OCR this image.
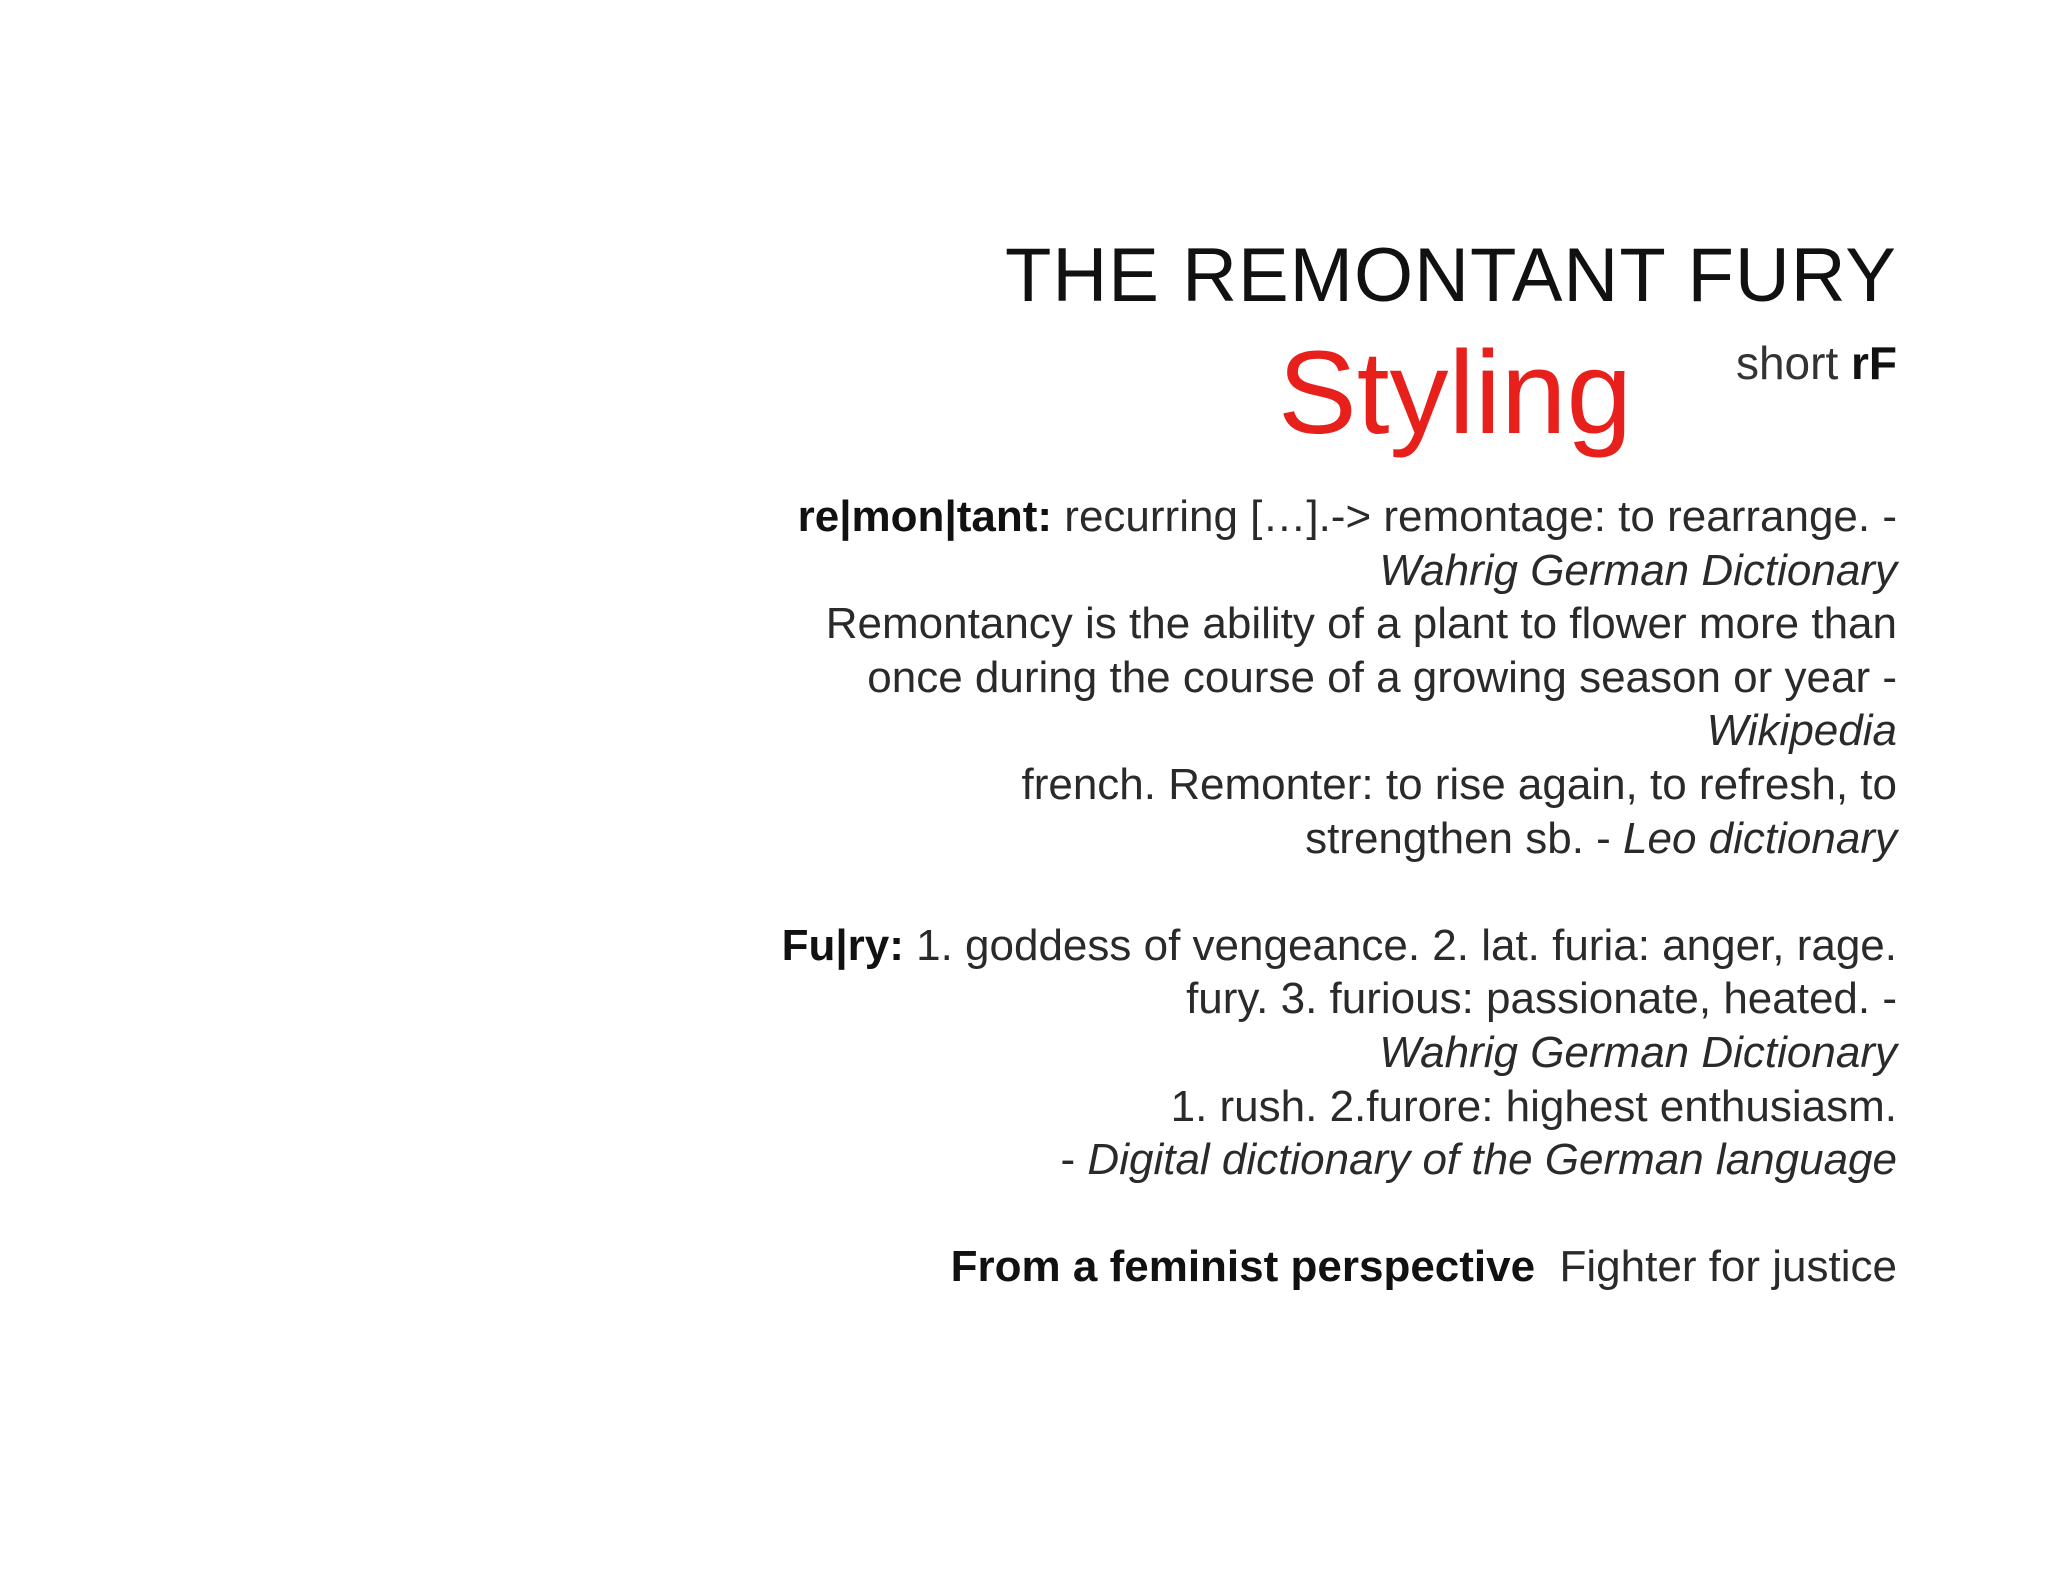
THE REMONTANT FURY
short rF
Styling

re|mon|tant: recurring […].-> remontage: to rearrange. -

Wahrig German Dictionary

Remontancy is the ability of a plant to flower more than

once during the course of a growing season or year -

Wikipedia

french. Remonter: to rise again, to refresh, to

strengthen sb. - Leo dictionary

Fu|ry: 1. goddess of vengeance. 2. lat. furia: anger, rage.

fury. 3. furious: passionate, heated. -

Wahrig German Dictionary

1. rush. 2.furore: highest enthusiasm.

- Digital dictionary of the German language

From a feminist perspective Fighter for justice
